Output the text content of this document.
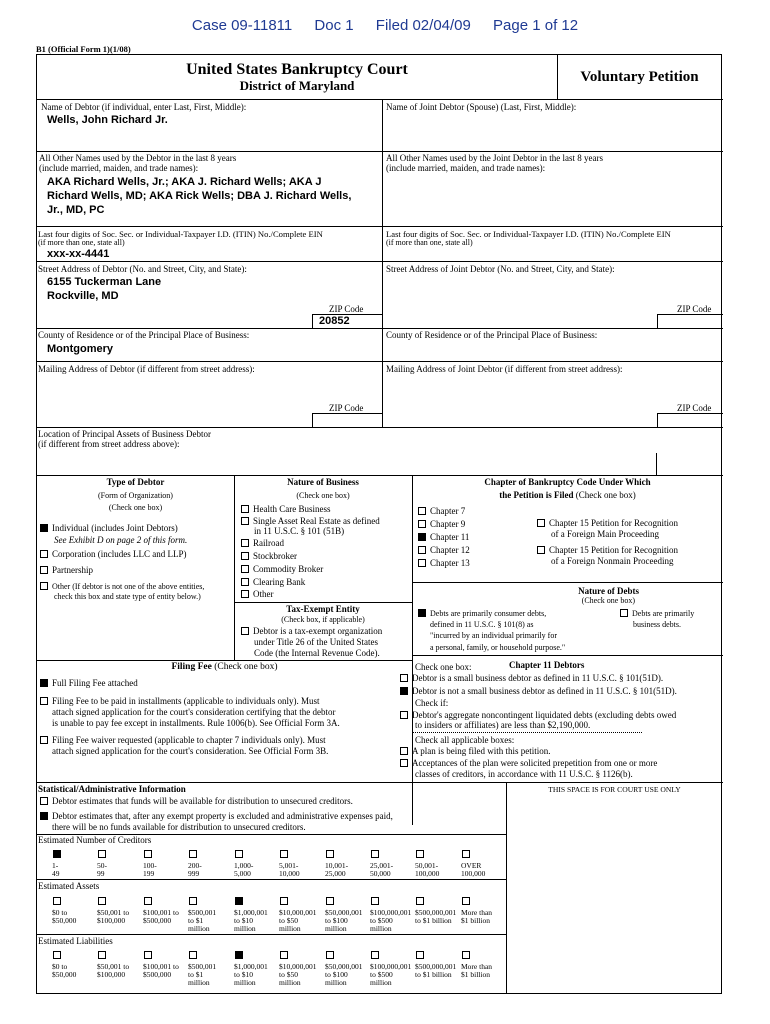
Case 09-11811 Doc 1 Filed 02/04/09 Page 1 of 12
B1 (Official Form 1)(1/08)
United States Bankruptcy Court
District of Maryland
Voluntary Petition
Name of Debtor (if individual, enter Last, First, Middle):
Wells, John Richard Jr.
Name of Joint Debtor (Spouse) (Last, First, Middle):
All Other Names used by the Debtor in the last 8 years
(include married, maiden, and trade names):
AKA Richard Wells, Jr.; AKA J. Richard Wells; AKA J
Richard Wells, MD; AKA Rick Wells; DBA J. Richard Wells,
Jr., MD, PC
All Other Names used by the Joint Debtor in the last 8 years
(include married, maiden, and trade names):
Last four digits of Soc. Sec. or Individual-Taxpayer I.D. (ITIN) No./Complete EIN
(if more than one, state all)
xxx-xx-4441
Last four digits of Soc. Sec. or Individual-Taxpayer I.D. (ITIN) No./Complete EIN
(if more than one, state all)
Street Address of Debtor (No. and Street, City, and State):
6155 Tuckerman Lane
Rockville, MD
ZIP Code
20852
Street Address of Joint Debtor (No. and Street, City, and State):
ZIP Code
County of Residence or of the Principal Place of Business:
Montgomery
County of Residence or of the Principal Place of Business:
Mailing Address of Debtor (if different from street address):
ZIP Code
Mailing Address of Joint Debtor (if different from street address):
ZIP Code
Location of Principal Assets of Business Debtor
(if different from street address above):
Type of Debtor
(Form of Organization)
(Check one box)
Individual (includes Joint Debtors)
See Exhibit D on page 2 of this form.
Corporation (includes LLC and LLP)
Partnership
Other (If debtor is not one of the above entities,
check this box and state type of entity below.)
Nature of Business
(Check one box)
Health Care Business
Single Asset Real Estate as defined
in 11 U.S.C. § 101 (51B)
Railroad
Stockbroker
Commodity Broker
Clearing Bank
Other
Tax-Exempt Entity
(Check box, if applicable)
Debtor is a tax-exempt organization
under Title 26 of the United States
Code (the Internal Revenue Code).
Chapter of Bankruptcy Code Under Which
the Petition is Filed (Check one box)
Chapter 7
Chapter 9
Chapter 11
Chapter 12
Chapter 13
Chapter 15 Petition for Recognition
of a Foreign Main Proceeding
Chapter 15 Petition for Recognition
of a Foreign Nonmain Proceeding
Nature of Debts
(Check one box)
Debts are primarily consumer debts,
defined in 11 U.S.C. § 101(8) as
"incurred by an individual primarily for
a personal, family, or household purpose."
Debts are primarily
business debts.
Filing Fee (Check one box)
Full Filing Fee attached
Filing Fee to be paid in installments (applicable to individuals only). Must
attach signed application for the court's consideration certifying that the debtor
is unable to pay fee except in installments. Rule 1006(b). See Official Form 3A.
Filing Fee waiver requested (applicable to chapter 7 individuals only). Must
attach signed application for the court's consideration. See Official Form 3B.
Check one box:	Chapter 11 Debtors
Debtor is a small business debtor as defined in 11 U.S.C. § 101(51D).
Debtor is not a small business debtor as defined in 11 U.S.C. § 101(51D).
Check if:
Debtor's aggregate noncontingent liquidated debts (excluding debts owed
to insiders or affiliates) are less than $2,190,000.
Check all applicable boxes:
A plan is being filed with this petition.
Acceptances of the plan were solicited prepetition from one or more
classes of creditors, in accordance with 11 U.S.C. § 1126(b).
Statistical/Administrative Information	THIS SPACE IS FOR COURT USE ONLY
Debtor estimates that funds will be available for distribution to unsecured creditors.
Debtor estimates that, after any exempt property is excluded and administrative expenses paid,
there will be no funds available for distribution to unsecured creditors.
Estimated Number of Creditors
Estimated Assets
Estimated Liabilities
1-
49
50-
99
100-
199
200-
999
1,000-
5,000
5,001-
10,000
10,001-
25,000
25,001-
50,000
50,001-
100,000
OVER
100,000
$0 to
$50,000
$50,001 to
$100,000
$100,001 to
$500,000
$500,001
to $1
million
$1,000,001
to $10
million
$10,000,001
to $50
million
$50,000,001
to $100
million
$100,000,001
to $500
million
$500,000,001
to $1 billion
More than
$1 billion
$0 to
$50,000
$50,001 to
$100,000
$100,001 to
$500,000
$500,001
to $1
million
$1,000,001
to $10
million
$10,000,001
to $50
million
$50,000,001
to $100
million
$100,000,001
to $500
million
$500,000,001
to $1 billion
More than
$1 billion
